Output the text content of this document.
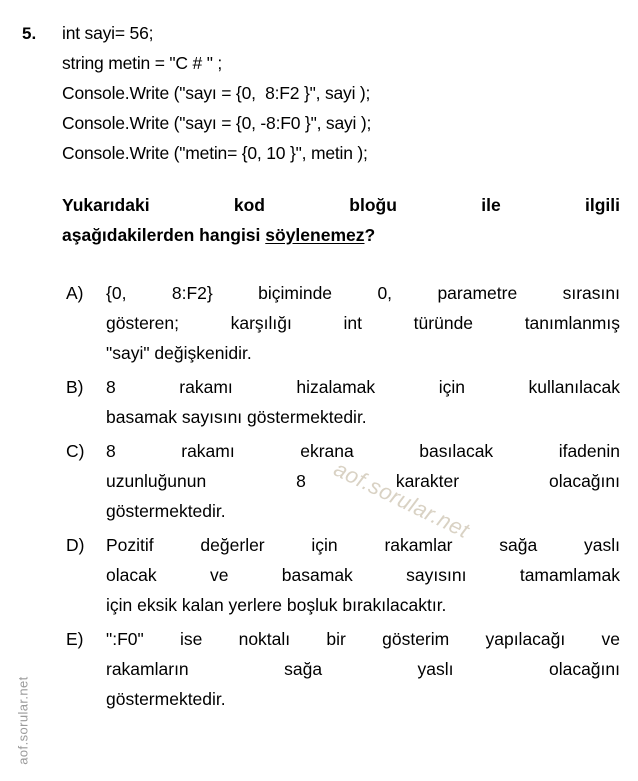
5. int sayi= 56;
string metin = "C # " ;
Console.Write ("sayı = {0,  8:F2 }", sayi );
Console.Write ("sayı = {0, -8:F0 }", sayi );
Console.Write ("metin= {0, 10 }", metin );
Yukarıdaki kod bloğu ile ilgili
aşağıdakilerden hangisi söylenemez?
A)	{0, 8:F2} biçiminde 0, parametre sırasını
gösteren; karşılığı int türünde tanımlanmış
"sayi" değişkenidir.
B)	8 rakamı hizalamak için kullanılacak
basamak sayısını göstermektedir.
C)	8 rakamı ekrana basılacak ifadenin
uzunluğunun 8 karakter olacağını
göstermektedir.
D)	Pozitif değerler için rakamlar sağa yaslı
olacak ve basamak sayısını tamamlamak
için eksik kalan yerlere boşluk bırakılacaktır.
E)	":F0" ise noktalı bir gösterim yapılacağı ve
rakamların sağa yaslı olacağını
göstermektedir.
aof.sorular.net
aof.sorular.net
